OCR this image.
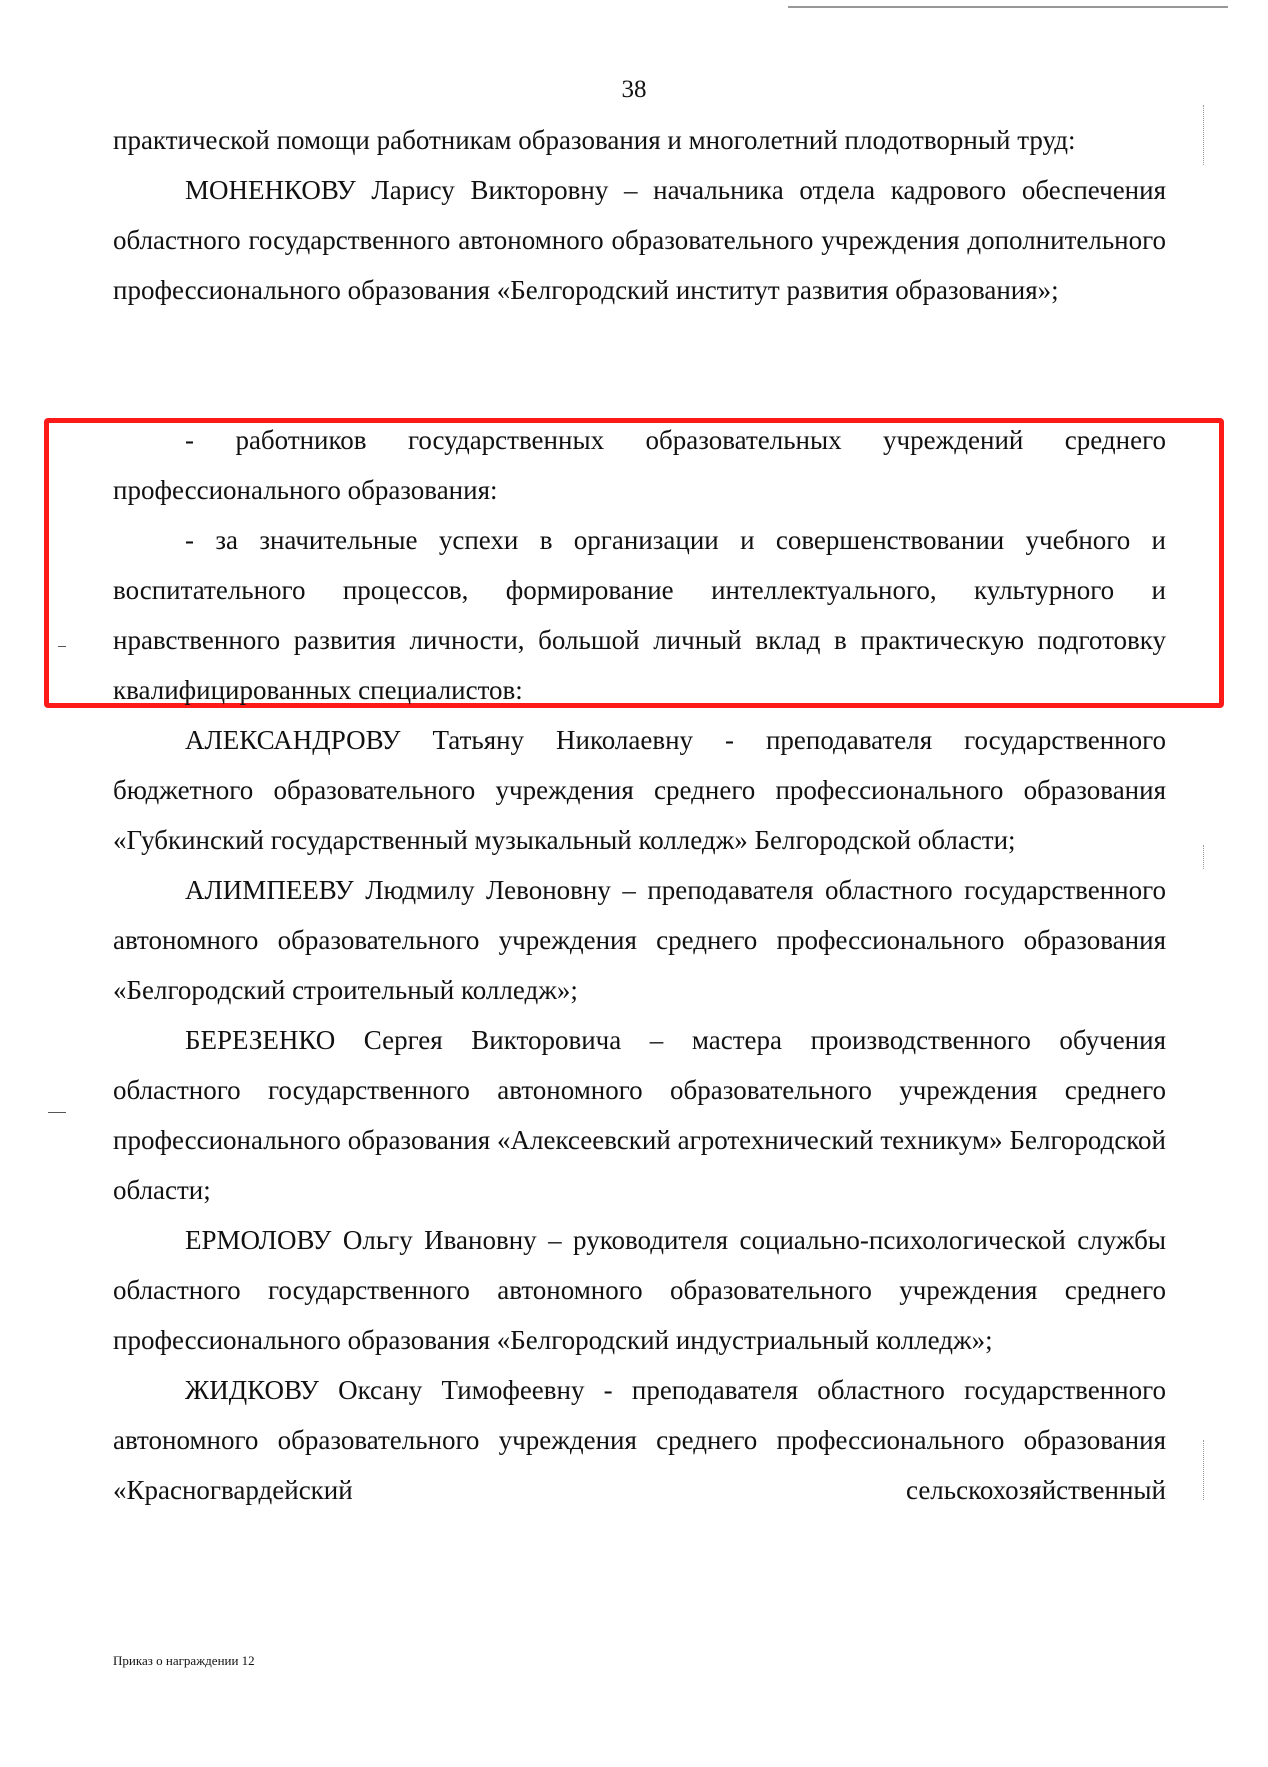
38

практической помощи работникам образования и многолетний плодотворный труд:

МОНЕНКОВУ Ларису Викторовну – начальника отдела кадрового обеспечения областного государственного автономного образовательного учреждения дополнительного профессионального образования «Белгородский институт развития образования»;

- работников государственных образовательных учреждений среднего профессионального образования:

- за значительные успехи в организации и совершенствовании учебного и воспитательного процессов, формирование интеллектуального, культурного и нравственного развития личности, большой личный вклад в практическую подготовку квалифицированных специалистов:

АЛЕКСАНДРОВУ Татьяну Николаевну - преподавателя государственного бюджетного образовательного учреждения среднего профессионального образования «Губкинский государственный музыкальный колледж» Белгородской области;

АЛИМПЕЕВУ Людмилу Левоновну – преподавателя областного государственного автономного образовательного учреждения среднего профессионального образования «Белгородский строительный колледж»;

БЕРЕЗЕНКО Сергея Викторовича – мастера производственного обучения областного государственного автономного образовательного учреждения среднего профессионального образования «Алексеевский агротехнический техникум» Белгородской области;

ЕРМОЛОВУ Ольгу Ивановну – руководителя социально-психологической службы областного государственного автономного образовательного учреждения среднего профессионального образования «Белгородский индустриальный колледж»;

ЖИДКОВУ Оксану Тимофеевну - преподавателя областного государственного автономного образовательного учреждения среднего профессионального образования «Красногвардейский сельскохозяйственный

Приказ о награждении 12
